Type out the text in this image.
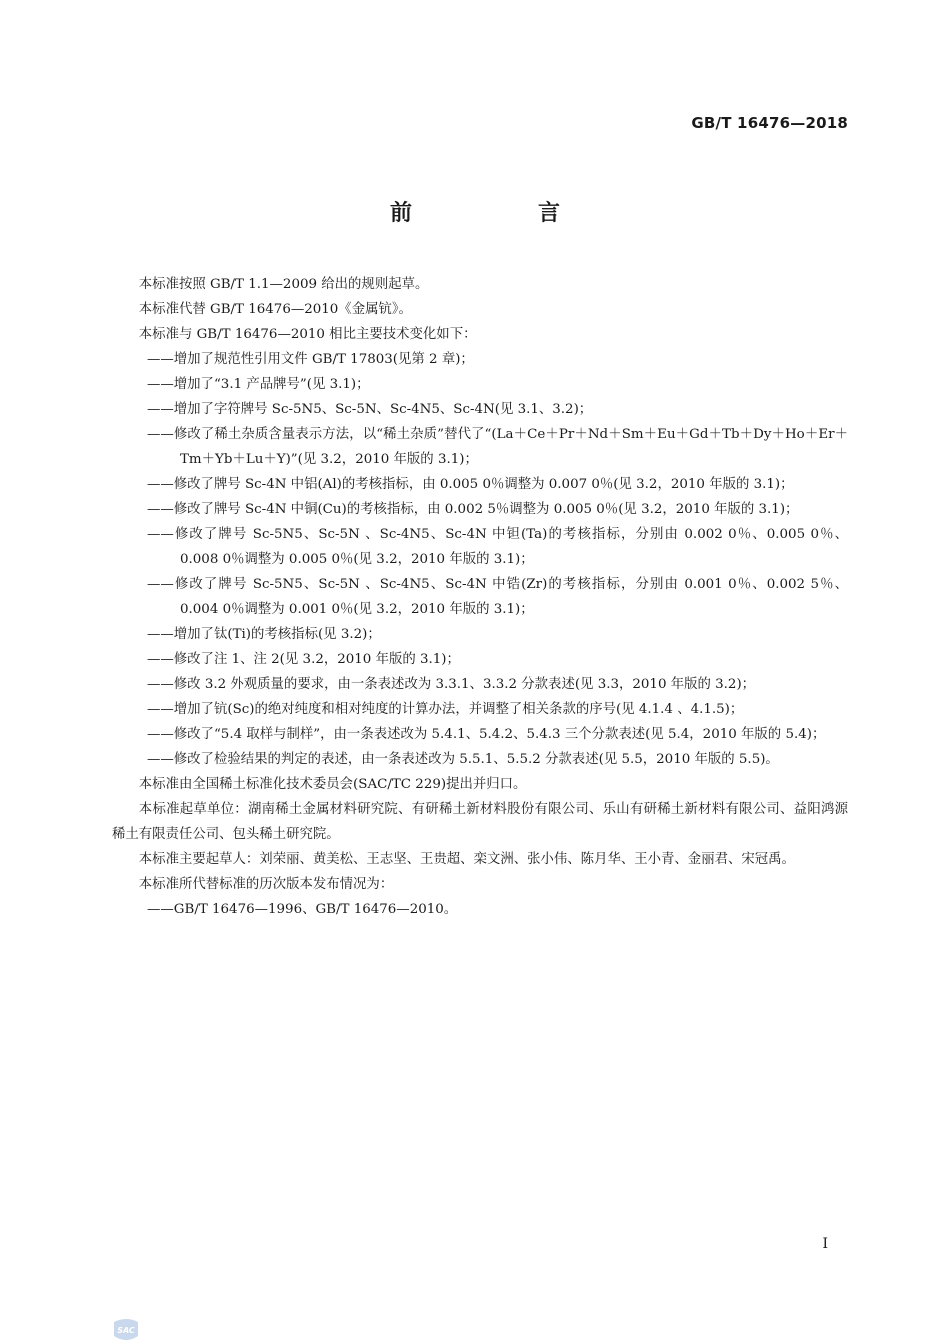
GB/T 16476—2018
前　言

本标准按照 GB/T 1.1—2009 给出的规则起草。

本标准代替 GB/T 16476—2010《金属钪》。

本标准与 GB/T 16476—2010 相比主要技术变化如下：

——增加了规范性引用文件 GB/T 17803(见第 2 章)；

——增加了“3.1 产品牌号”(见 3.1)；

——增加了字符牌号 Sc-5N5、Sc-5N、Sc-4N5、Sc-4N(见 3.1、3.2)；

——修改了稀土杂质含量表示方法，以“稀土杂质”替代了“(La＋Ce＋Pr＋Nd＋Sm＋Eu＋Gd＋Tb＋Dy＋Ho＋Er＋Tm＋Yb＋Lu＋Y)”(见 3.2，2010 年版的 3.1)；

——修改了牌号 Sc-4N 中铝(Al)的考核指标，由 0.005 0％调整为 0.007 0％(见 3.2，2010 年版的 3.1)；

——修改了牌号 Sc-4N 中铜(Cu)的考核指标，由 0.002 5％调整为 0.005 0％(见 3.2，2010 年版的 3.1)；

——修改了牌号 Sc-5N5、Sc-5N 、Sc-4N5、Sc-4N 中钽(Ta)的考核指标，分别由 0.002 0％、0.005 0％、0.008 0％调整为 0.005 0％(见 3.2，2010 年版的 3.1)；

——修改了牌号 Sc-5N5、Sc-5N 、Sc-4N5、Sc-4N 中锆(Zr)的考核指标，分别由 0.001 0％、0.002 5％、0.004 0％调整为 0.001 0％(见 3.2，2010 年版的 3.1)；

——增加了钛(Ti)的考核指标(见 3.2)；

——修改了注 1、注 2(见 3.2，2010 年版的 3.1)；

——修改 3.2 外观质量的要求，由一条表述改为 3.3.1、3.3.2 分款表述(见 3.3，2010 年版的 3.2)；

——增加了钪(Sc)的绝对纯度和相对纯度的计算办法，并调整了相关条款的序号(见 4.1.4 、4.1.5)；

——修改了“5.4 取样与制样”，由一条表述改为 5.4.1、5.4.2、5.4.3 三个分款表述(见 5.4，2010 年版的 5.4)；

——修改了检验结果的判定的表述，由一条表述改为 5.5.1、5.5.2 分款表述(见 5.5，2010 年版的 5.5)。

本标准由全国稀土标准化技术委员会(SAC/TC 229)提出并归口。

本标准起草单位：湖南稀土金属材料研究院、有研稀土新材料股份有限公司、乐山有研稀土新材料有限公司、益阳鸿源稀土有限责任公司、包头稀土研究院。

本标准主要起草人：刘荣丽、黄美松、王志坚、王贵超、栾文洲、张小伟、陈月华、王小青、金丽君、宋冠禹。

本标准所代替标准的历次版本发布情况为：

——GB/T 16476—1996、GB/T 16476—2010。

I
SAC
